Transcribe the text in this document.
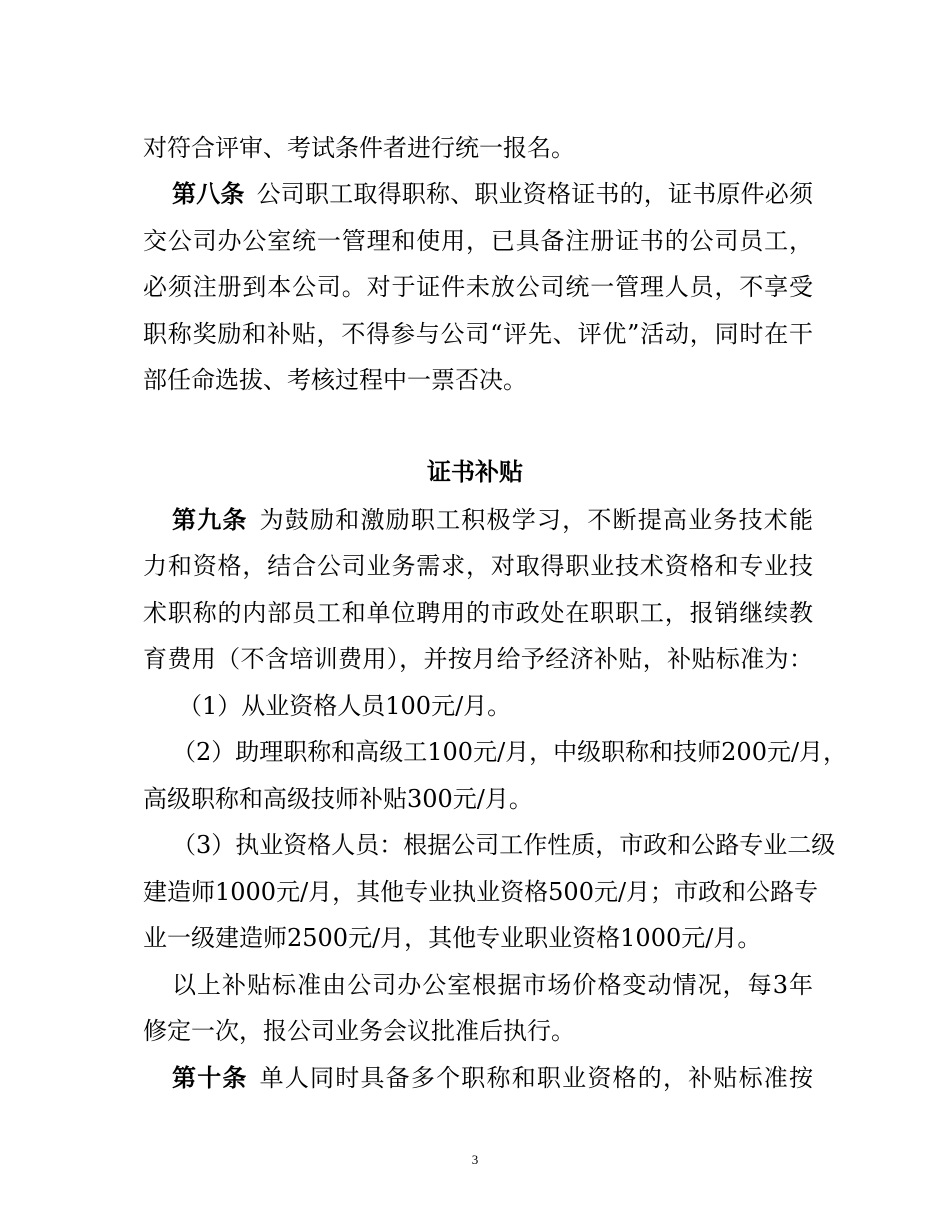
对符合评审、考试条件者进行统一报名。
第八条 公司职工取得职称、职业资格证书的，证书原件必须
交公司办公室统一管理和使用，已具备注册证书的公司员工，
必须注册到本公司。对于证件未放公司统一管理人员，不享受
职称奖励和补贴，不得参与公司“评先、评优”活动，同时在干
部任命选拔、考核过程中一票否决。
证书补贴
第九条 为鼓励和激励职工积极学习，不断提高业务技术能
力和资格，结合公司业务需求，对取得职业技术资格和专业技
术职称的内部员工和单位聘用的市政处在职职工，报销继续教
育费用（不含培训费用），并按月给予经济补贴，补贴标准为：
（1）从业资格人员100元/月。
（2）助理职称和高级工100元/月，中级职称和技师200元/月，
高级职称和高级技师补贴300元/月。
（3）执业资格人员：根据公司工作性质，市政和公路专业二级
建造师1000元/月，其他专业执业资格500元/月；市政和公路专
业一级建造师2500元/月，其他专业职业资格1000元/月。
以上补贴标准由公司办公室根据市场价格变动情况，每3年
修定一次，报公司业务会议批准后执行。
第十条 单人同时具备多个职称和职业资格的，补贴标准按
3
